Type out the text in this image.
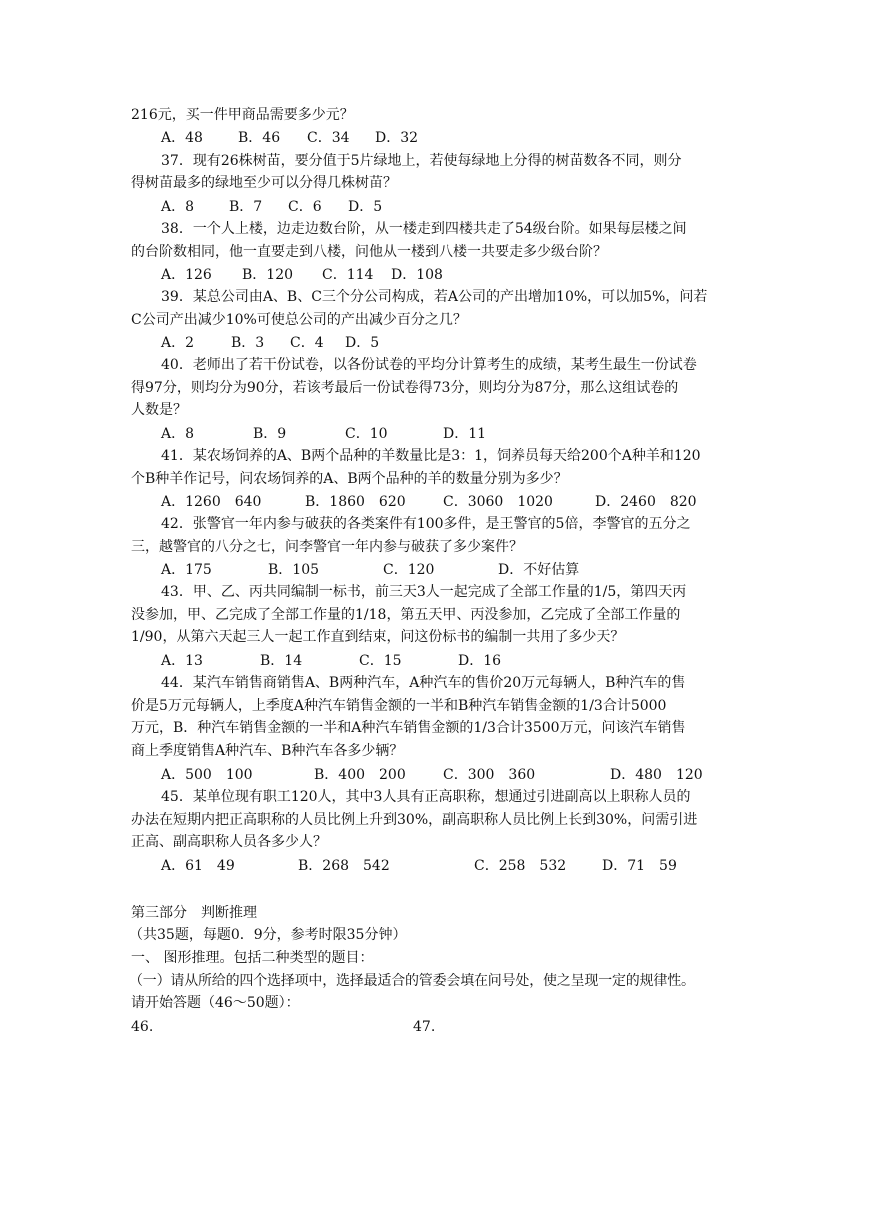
216元，买一件甲商品需要多少元？
A．48	B．46 C．34 D．32
37．现有26株树苗，要分值于5片绿地上，若使每绿地上分得的树苗数各不同，则分
得树苗最多的绿地至少可以分得几株树苗？
A．8 B．7 C．6 D．5
38．一个人上楼，边走边数台阶，从一楼走到四楼共走了54级台阶。如果每层楼之间
的台阶数相同，他一直要走到八楼，问他从一楼到八楼一共要走多少级台阶？
A．126 B．120 C．114 D．108
39．某总公司由A、B、C三个分公司构成，若A公司的产出增加10%，可以加5%，问若
C公司产出减少10%可使总公司的产出减少百分之几？
A．2	B．3 C．4 D．5
40．老师出了若干份试卷，以各份试卷的平均分计算考生的成绩，某考生最生一份试卷
得97分，则均分为90分，若该考最后一份试卷得73分，则均分为87分，那么这组试卷的
人数是？
A．8	B．9	C．10	D．11
41．某农场饲养的A、B两个品种的羊数量比是3：1，饲养员每天给200个A种羊和120
个B种羊作记号，问农场饲养的A、B两个品种的羊的数量分别为多少？
A．1260　640	B．1860　620	C．3060　1020	D．2460　820
42．张警官一年内参与破获的各类案件有100多件，是王警官的5倍，李警官的五分之
三，越警官的八分之七，问李警官一年内参与破获了多少案件？
A．175	B．105	C．120	D．不好估算
43．甲、乙、丙共同编制一标书，前三天3人一起完成了全部工作量的1/5，第四天丙
没参加，甲、乙完成了全部工作量的1/18，第五天甲、丙没参加，乙完成了全部工作量的
1/90，从第六天起三人一起工作直到结束，问这份标书的编制一共用了多少天？
A．13	B．14	C．15	D．16
44．某汽车销售商销售A、B两种汽车，A种汽车的售价20万元每辆人，B种汽车的售
价是5万元每辆人，上季度A种汽车销售金额的一半和B种汽车销售金额的1/3合计5000
万元，B．种汽车销售金额的一半和A种汽车销售金额的1/3合计3500万元，问该汽车销售
商上季度销售A种汽车、B种汽车各多少辆？
A．500　100	B．400　200	C．300　360	D．480　120
45．某单位现有职工120人，其中3人具有正高职称，想通过引进副高以上职称人员的
办法在短期内把正高职称的人员比例上升到30%，副高职称人员比例上长到30%，问需引进
正高、副高职称人员各多少人？
A．61　49	B．268　542	C．258　532	D．71　59
第三部分　判断推理
（共35题，每题0．9分，参考时限35分钟）
一、 图形推理。包括二种类型的题目：
（一）请从所给的四个选择项中，选择最适合的管委会填在问号处，使之呈现一定的规律性。
请开始答题（46～50题）：
46.	47.
